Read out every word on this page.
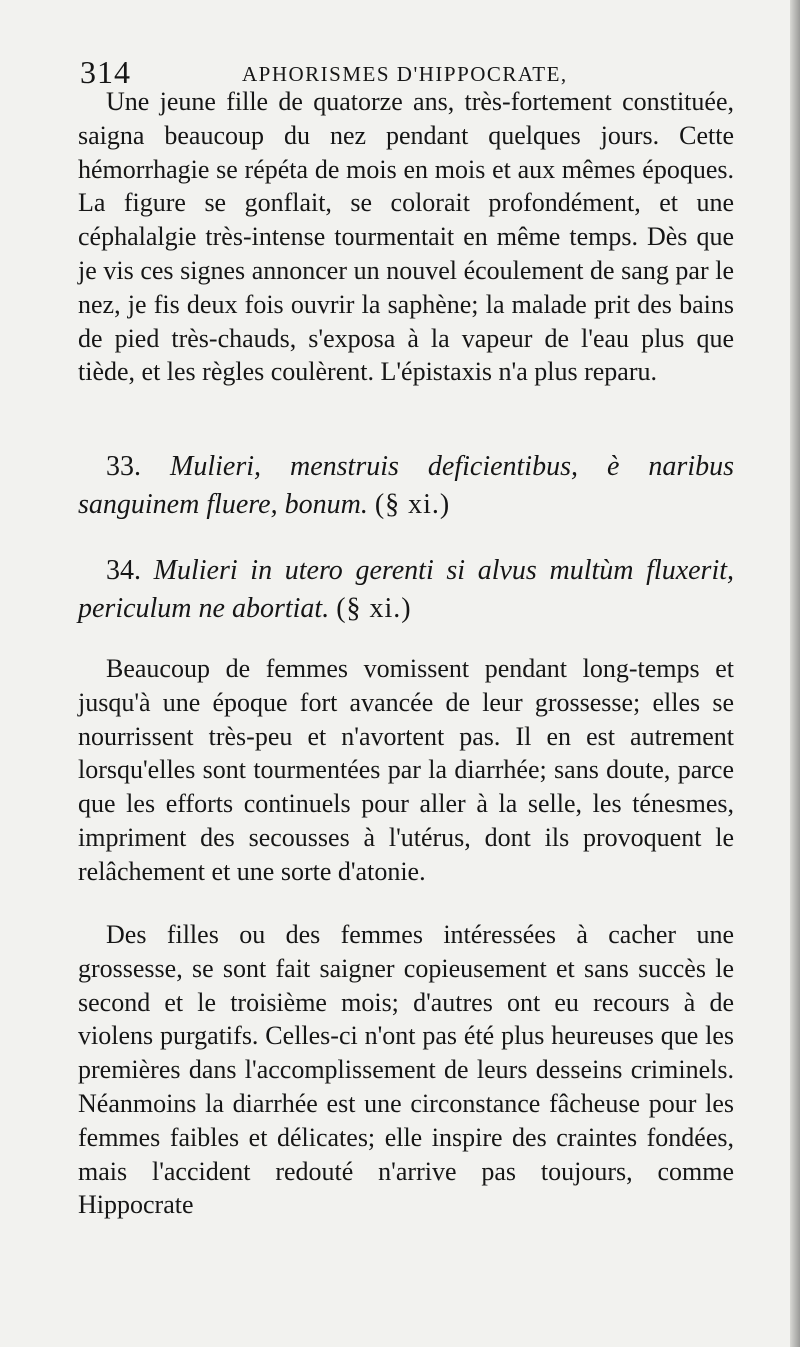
314	APHORISMES D'HIPPOCRATE,

Une jeune fille de quatorze ans, très-fortement constituée, saigna beaucoup du nez pendant quelques jours. Cette hémorrhagie se répéta de mois en mois et aux mêmes époques. La figure se gonflait, se colorait profondément, et une céphalalgie très-intense tourmentait en même temps. Dès que je vis ces signes annoncer un nouvel écoulement de sang par le nez, je fis deux fois ouvrir la saphène; la malade prit des bains de pied très-chauds, s'exposa à la vapeur de l'eau plus que tiède, et les règles coulèrent. L'épistaxis n'a plus reparu.

33. Mulieri, menstruis deficientibus, è naribus sanguinem fluere, bonum. (§ xi.)

34. Mulieri in utero gerenti si alvus multùm fluxerit, periculum ne abortiat. (§ xi.)

Beaucoup de femmes vomissent pendant long-temps et jusqu'à une époque fort avancée de leur grossesse; elles se nourrissent très-peu et n'avortent pas. Il en est autrement lorsqu'elles sont tourmentées par la diarrhée; sans doute, parce que les efforts continuels pour aller à la selle, les ténesmes, impriment des secousses à l'utérus, dont ils provoquent le relâchement et une sorte d'atonie.

Des filles ou des femmes intéressées à cacher une grossesse, se sont fait saigner copieusement et sans succès le second et le troisième mois; d'autres ont eu recours à de violens purgatifs. Celles-ci n'ont pas été plus heureuses que les premières dans l'accomplissement de leurs desseins criminels. Néanmoins la diarrhée est une circonstance fâcheuse pour les femmes faibles et délicates; elle inspire des craintes fondées, mais l'accident redouté n'arrive pas toujours, comme Hippocrate
